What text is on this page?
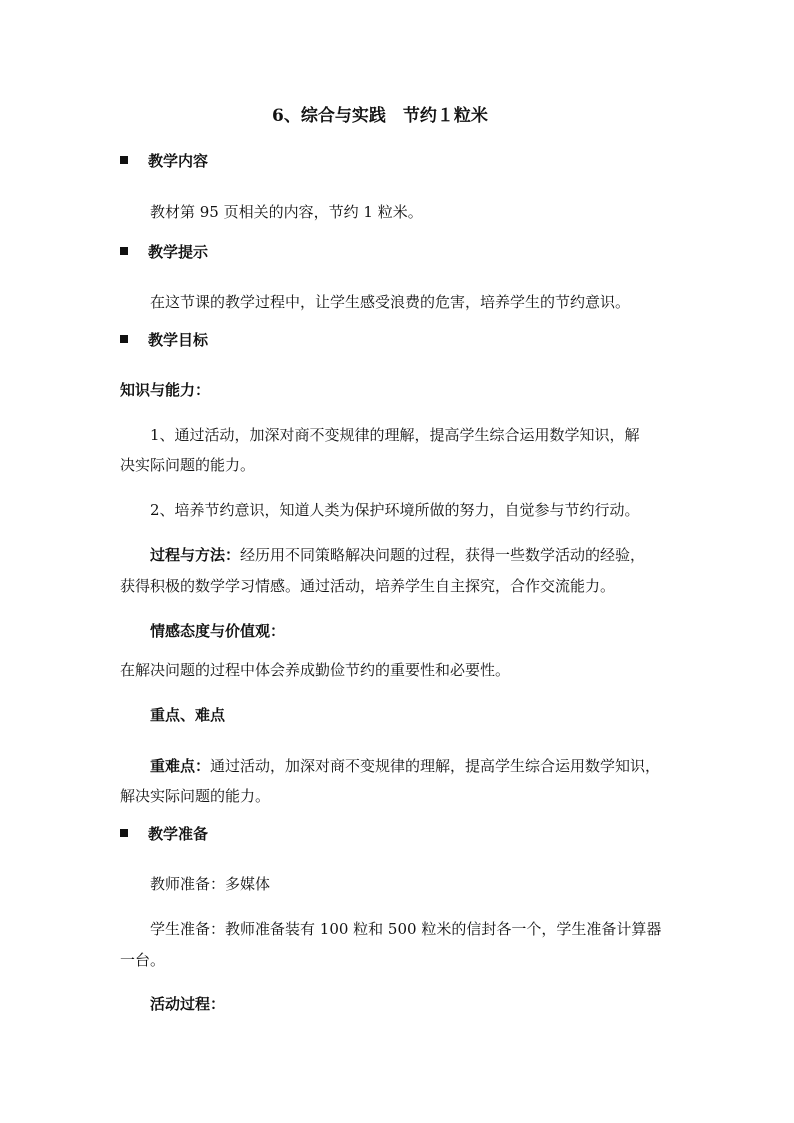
6、综合与实践　节约１粒米
教学内容
教材第 95 页相关的内容，节约 1 粒米。
教学提示
在这节课的教学过程中，让学生感受浪费的危害，培养学生的节约意识。
教学目标
知识与能力：
1、通过活动，加深对商不变规律的理解，提高学生综合运用数学知识，解
决实际问题的能力。
2、培养节约意识，知道人类为保护环境所做的努力，自觉参与节约行动。
过程与方法：经历用不同策略解决问题的过程，获得一些数学活动的经验，
获得积极的数学学习情感。通过活动，培养学生自主探究，合作交流能力。
情感态度与价值观：
在解决问题的过程中体会养成勤俭节约的重要性和必要性。
重点、难点
重难点：通过活动，加深对商不变规律的理解，提高学生综合运用数学知识，
解决实际问题的能力。
教学准备
教师准备：多媒体
学生准备：教师准备装有 100 粒和 500 粒米的信封各一个，学生准备计算器
一台。
活动过程：
